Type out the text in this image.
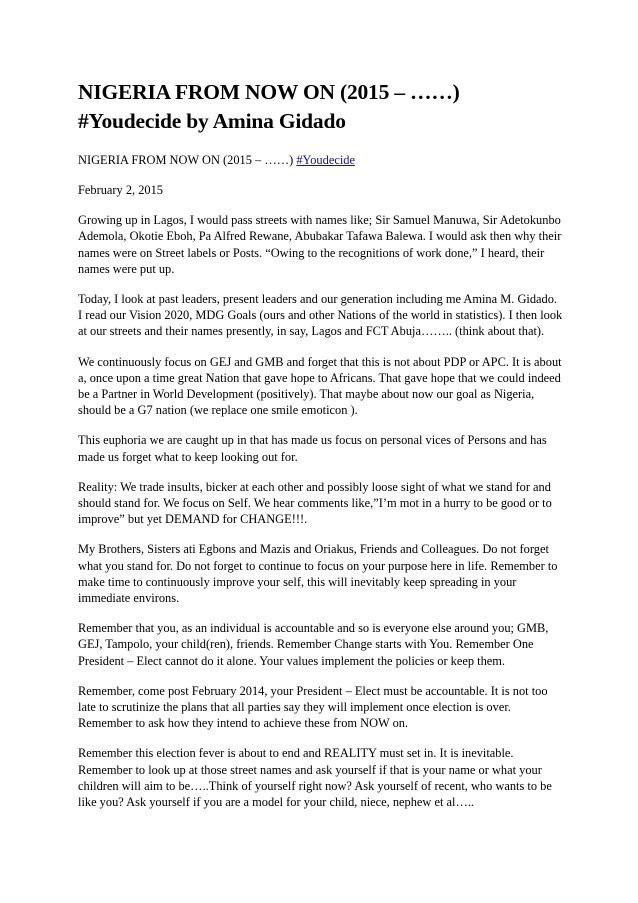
NIGERIA FROM NOW ON (2015 – ……)
#Youdecide by Amina Gidado
NIGERIA FROM NOW ON (2015 – ……) #Youdecide

February 2, 2015

Growing up in Lagos, I would pass streets with names like; Sir Samuel Manuwa, Sir Adetokunbo Ademola, Okotie Eboh, Pa Alfred Rewane, Abubakar Tafawa Balewa. I would ask then why their names were on Street labels or Posts. “Owing to the recognitions of work done,” I heard, their names were put up.

Today, I look at past leaders, present leaders and our generation including me Amina M. Gidado. I read our Vision 2020, MDG Goals (ours and other Nations of the world in statistics). I then look at our streets and their names presently, in say, Lagos and FCT Abuja…….. (think about that).

We continuously focus on GEJ and GMB and forget that this is not about PDP or APC. It is about a, once upon a time great Nation that gave hope to Africans. That gave hope that we could indeed be a Partner in World Development (positively). That maybe about now our goal as Nigeria, should be a G7 nation (we replace one smile emoticon ).

This euphoria we are caught up in that has made us focus on personal vices of Persons and has made us forget what to keep looking out for.

Reality: We trade insults, bicker at each other and possibly loose sight of what we stand for and should stand for. We focus on Self. We hear comments like,”I’m mot in a hurry to be good or to improve” but yet DEMAND for CHANGE!!!.

My Brothers, Sisters ati Egbons and Mazis and Oriakus, Friends and Colleagues. Do not forget what you stand for. Do not forget to continue to focus on your purpose here in life. Remember to make time to continuously improve your self, this will inevitably keep spreading in your immediate environs.

Remember that you, as an individual is accountable and so is everyone else around you; GMB, GEJ, Tampolo, your child(ren), friends. Remember Change starts with You. Remember One President – Elect cannot do it alone. Your values implement the policies or keep them.

Remember, come post February 2014, your President – Elect must be accountable. It is not too late to scrutinize the plans that all parties say they will implement once election is over. Remember to ask how they intend to achieve these from NOW on.

Remember this election fever is about to end and REALITY must set in. It is inevitable. Remember to look up at those street names and ask yourself if that is your name or what your children will aim to be…..Think of yourself right now? Ask yourself of recent, who wants to be like you? Ask yourself if you are a model for your child, niece, nephew et al…..
